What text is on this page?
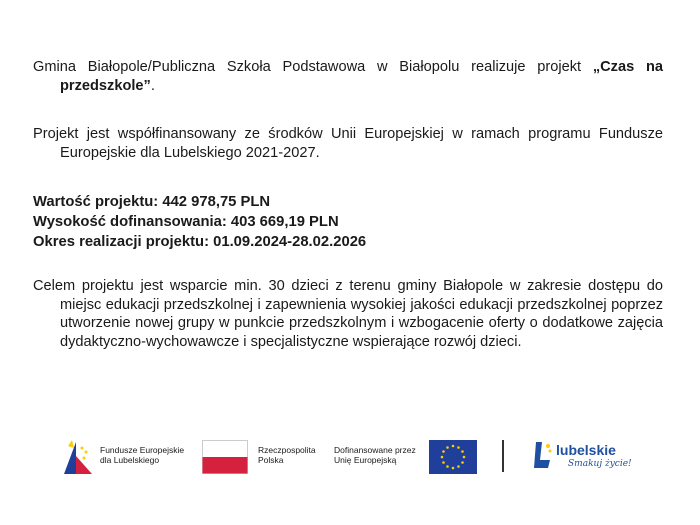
Gmina Białopole/Publiczna Szkoła Podstawowa w Białopolu realizuje projekt „Czas na przedszkole”.

Projekt jest współfinansowany ze środków Unii Europejskiej w ramach programu Fundusze Europejskie dla Lubelskiego 2021-2027.

Wartość projektu: 442 978,75 PLN
Wysokość dofinansowania: 403 669,19 PLN
Okres realizacji projektu: 01.09.2024-28.02.2026

Celem projektu jest wsparcie min. 30 dzieci z terenu gminy Białopole w zakresie dostępu do miejsc edukacji przedszkolnej i zapewnienia wysokiej jakości edukacji przedszkolnej poprzez utworzenie nowej grupy w punkcie przedszkolnym i wzbogacenie oferty o dodatkowe zajęcia dydaktyczno-wychowawcze i specjalistyczne wspierające rozwój dzieci.

Fundusze Europejskie
dla Lubelskiego
Rzeczpospolita
Polska
Dofinansowane przez
Unię Europejską
lubelskie
Smakuj życie!
